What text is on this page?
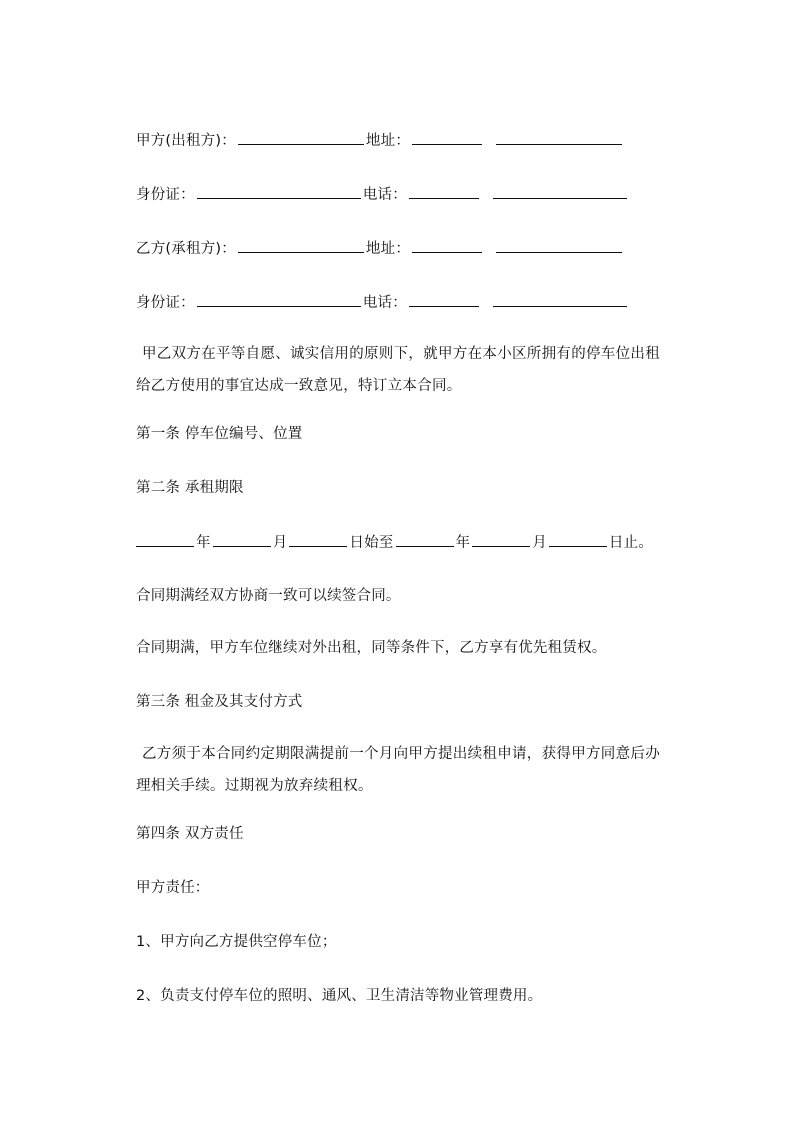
甲方(出租方)：	地址：
身份证：	电话：
乙方(承租方)：	地址：
身份证：	电话：
甲乙双方在平等自愿、诚实信用的原则下，就甲方在本小区所拥有的停车位出租给乙方使用的事宜达成一致意见，特订立本合同。
第一条 停车位编号、位置
第二条 承租期限
年	月	日始至	年	月	日止。
合同期满经双方协商一致可以续签合同。
合同期满，甲方车位继续对外出租，同等条件下，乙方享有优先租赁权。
第三条 租金及其支付方式
乙方须于本合同约定期限满提前一个月向甲方提出续租申请，获得甲方同意后办理相关手续。过期视为放弃续租权。
第四条 双方责任
甲方责任：
1、甲方向乙方提供空停车位；
2、负责支付停车位的照明、通风、卫生清洁等物业管理费用。
